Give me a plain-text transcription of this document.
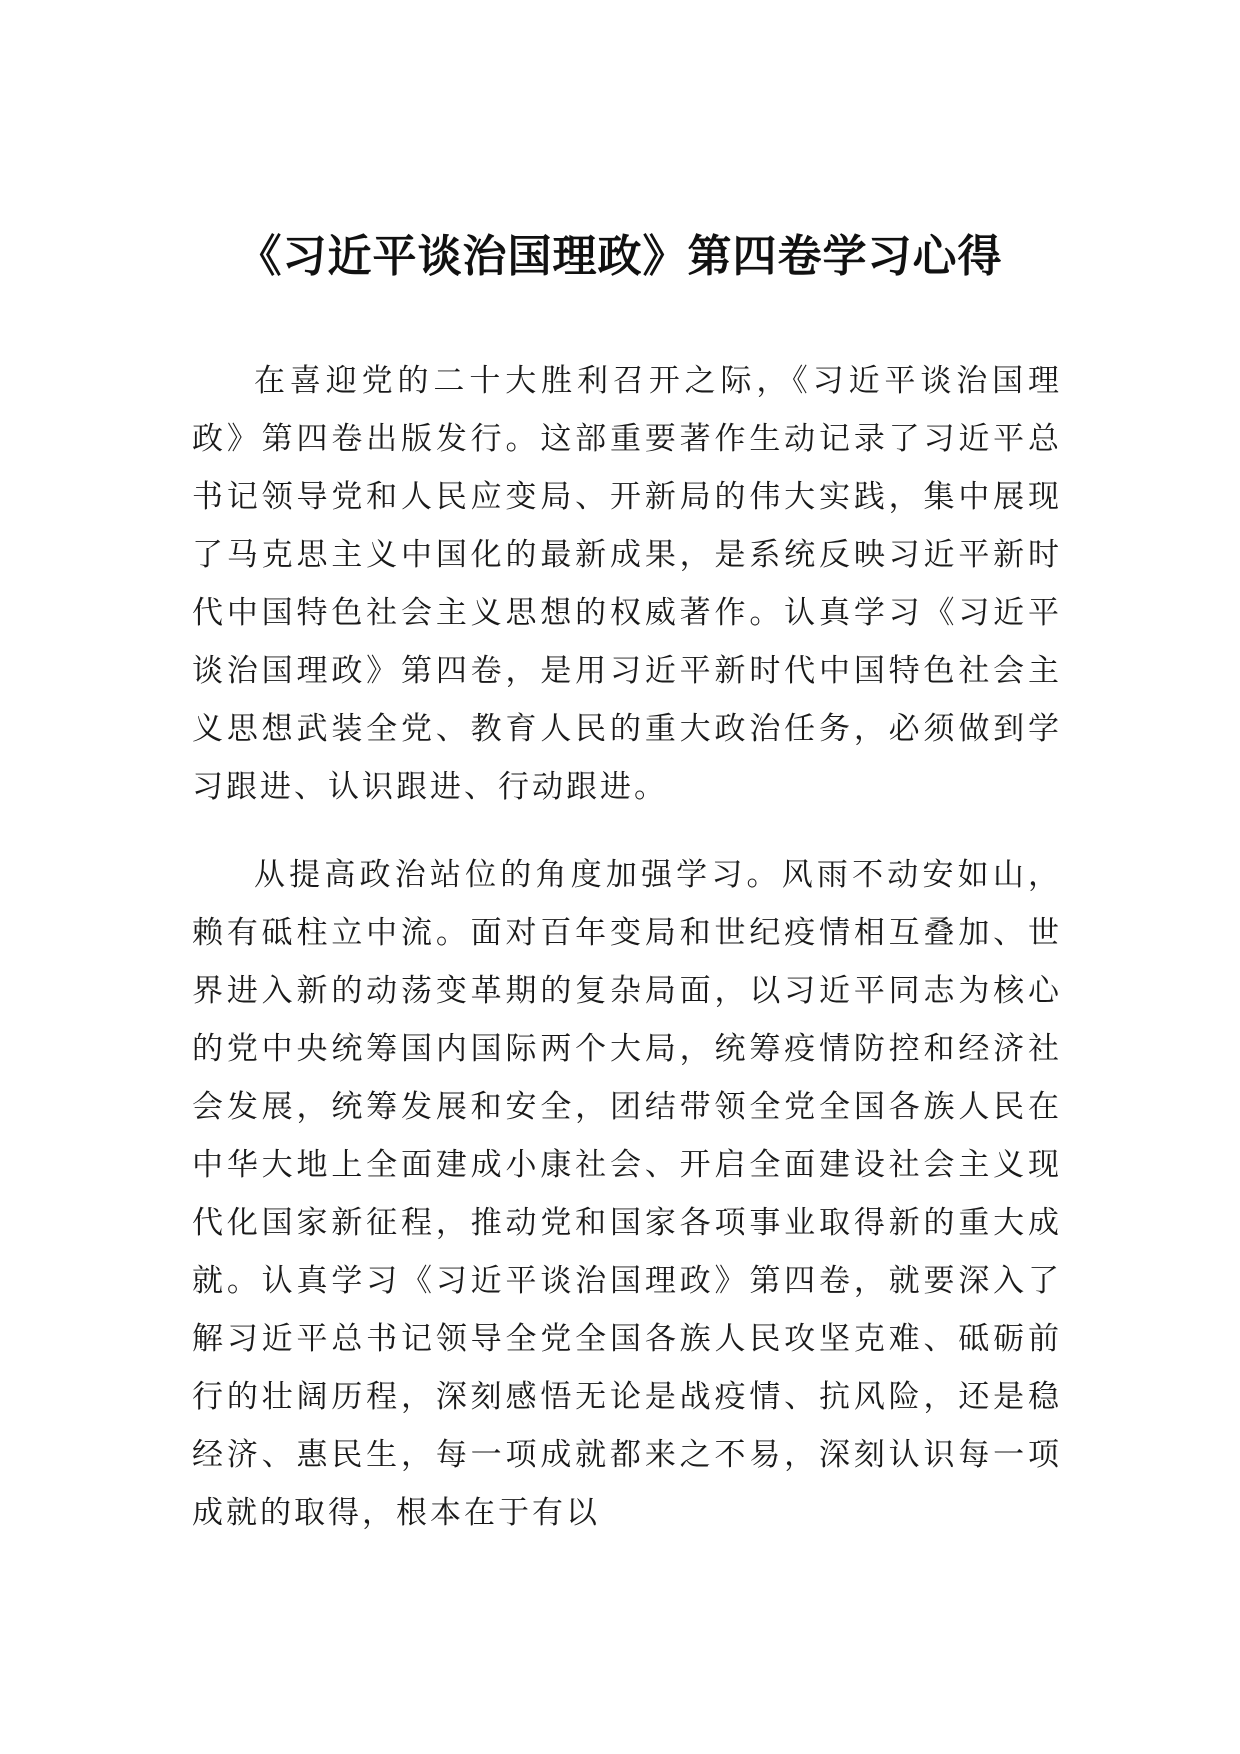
《习近平谈治国理政》第四卷学习心得

在喜迎党的二十大胜利召开之际，《习近平谈治国理政》第四卷出版发行。这部重要著作生动记录了习近平总书记领导党和人民应变局、开新局的伟大实践，集中展现了马克思主义中国化的最新成果，是系统反映习近平新时代中国特色社会主义思想的权威著作。认真学习《习近平谈治国理政》第四卷，是用习近平新时代中国特色社会主义思想武装全党、教育人民的重大政治任务，必须做到学习跟进、认识跟进、行动跟进。

从提高政治站位的角度加强学习。风雨不动安如山，赖有砥柱立中流。面对百年变局和世纪疫情相互叠加、世界进入新的动荡变革期的复杂局面，以习近平同志为核心的党中央统筹国内国际两个大局，统筹疫情防控和经济社会发展，统筹发展和安全，团结带领全党全国各族人民在中华大地上全面建成小康社会、开启全面建设社会主义现代化国家新征程，推动党和国家各项事业取得新的重大成就。认真学习《习近平谈治国理政》第四卷，就要深入了解习近平总书记领导全党全国各族人民攻坚克难、砥砺前行的壮阔历程，深刻感悟无论是战疫情、抗风险，还是稳经济、惠民生，每一项成就都来之不易，深刻认识每一项成就的取得，根本在于有以
